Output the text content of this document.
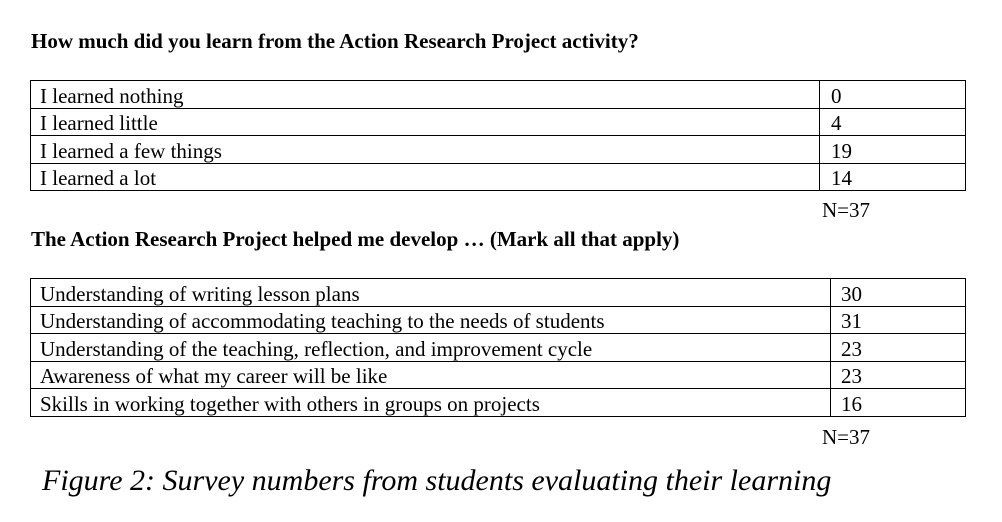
How much did you learn from the Action Research Project activity?
I learned nothing	0
I learned little	4
I learned a few things	19
I learned a lot	14
N=37
The Action Research Project helped me develop … (Mark all that apply)
Understanding of writing lesson plans	30
Understanding of accommodating teaching to the needs of students	31
Understanding of the teaching, reflection, and improvement cycle	23
Awareness of what my career will be like	23
Skills in working together with others in groups on projects	16
N=37
Figure 2: Survey numbers from students evaluating their learning
